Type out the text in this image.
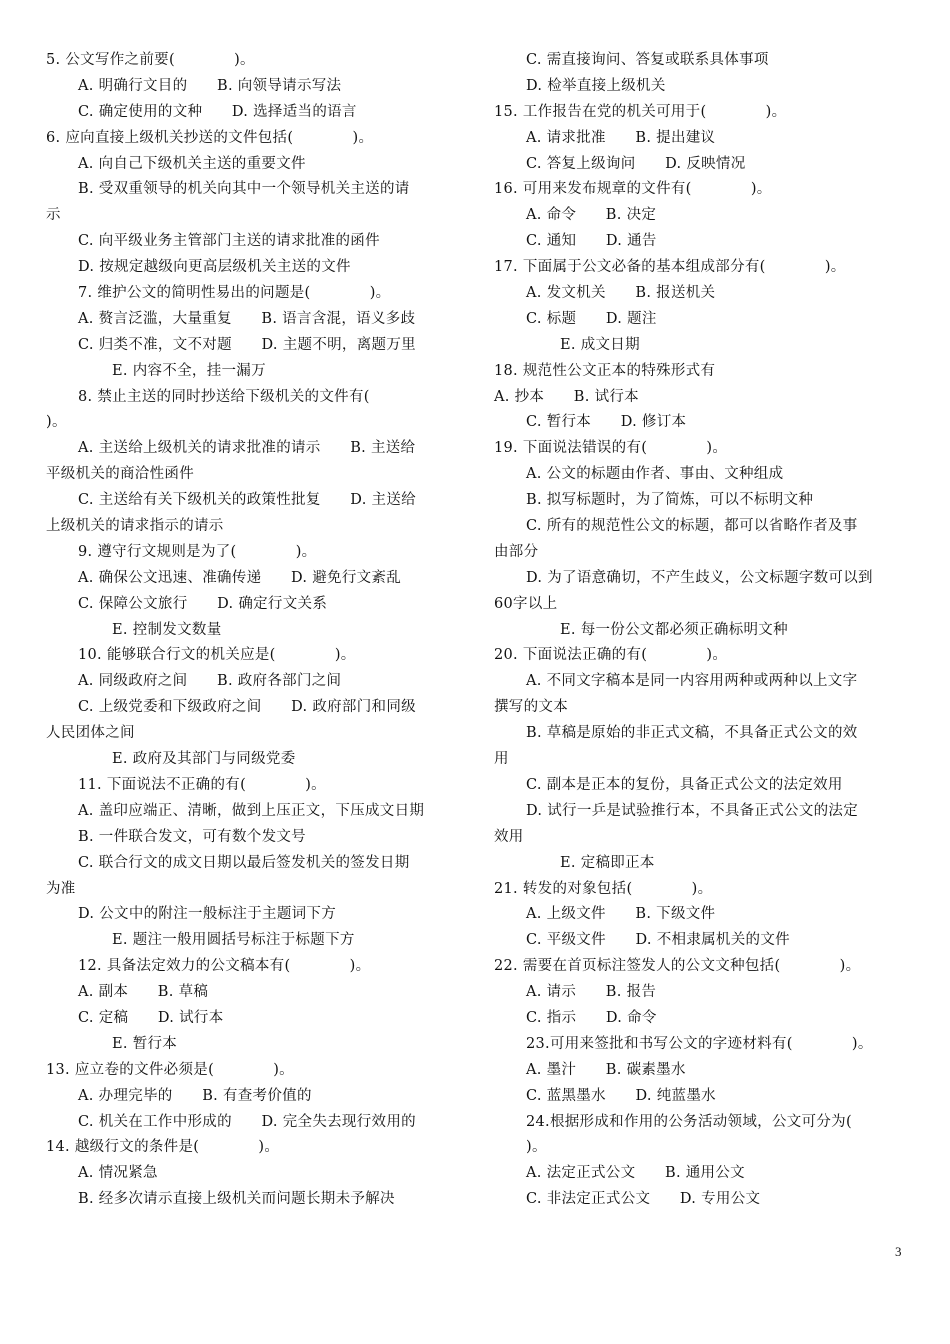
5. 公文写作之前要(　　　　)。
A. 明确行文目的　　B. 向领导请示写法
C. 确定使用的文种　　D. 选择适当的语言
6. 应向直接上级机关抄送的文件包括(　　　　)。
A. 向自己下级机关主送的重要文件
B. 受双重领导的机关向其中一个领导机关主送的请
示
C. 向平级业务主管部门主送的请求批准的函件
D. 按规定越级向更高层级机关主送的文件
7. 维护公文的简明性易出的问题是(　　　　)。
A. 赘言泛滥，大量重复　　B. 语言含混，语义多歧
C. 归类不准，文不对题　　D. 主题不明，离题万里
E. 内容不全，挂一漏万
8. 禁止主送的同时抄送给下级机关的文件有(
)。
A. 主送给上级机关的请求批准的请示　　B. 主送给
平级机关的商洽性函件
C. 主送给有关下级机关的政策性批复　　D. 主送给
上级机关的请求指示的请示
9. 遵守行文规则是为了(　　　　)。
A. 确保公文迅速、准确传递　　D. 避免行文紊乱
C. 保障公文旅行　　D. 确定行文关系
E. 控制发文数量
10. 能够联合行文的机关应是(　　　　)。
A. 同级政府之间　　B. 政府各部门之间
C. 上级党委和下级政府之间　　D. 政府部门和同级
人民团体之间
E. 政府及其部门与同级党委
11. 下面说法不正确的有(　　　　)。
A. 盖印应端正、清晰，做到上压正文，下压成文日期
B. 一件联合发文，可有数个发文号
C. 联合行文的成文日期以最后签发机关的签发日期
为准
D. 公文中的附注一般标注于主题词下方
E. 题注一般用圆括号标注于标题下方
12. 具备法定效力的公文稿本有(　　　　)。
A. 副本　　B. 草稿
C. 定稿　　D. 试行本
E. 暂行本
13. 应立卷的文件必须是(　　　　)。
A. 办理完毕的　　B. 有查考价值的
C. 机关在工作中形成的　　D. 完全失去现行效用的
14. 越级行文的条件是(　　　　)。
A. 情况紧急
B. 经多次请示直接上级机关而问题长期未予解决
C. 需直接询问、答复或联系具体事项
D. 检举直接上级机关
15. 工作报告在党的机关可用于(　　　　)。
A. 请求批准　　B. 提出建议
C. 答复上级询问　　D. 反映情况
16. 可用来发布规章的文件有(　　　　)。
A. 命令　　B. 决定
C. 通知　　D. 通告
17. 下面属于公文必备的基本组成部分有(　　　　)。
A. 发文机关　　B. 报送机关
C. 标题　　D. 题注
E. 成文日期
18. 规范性公文正本的特殊形式有
A. 抄本　　B. 试行本
C. 暂行本　　D. 修订本
19. 下面说法错误的有(　　　　)。
A. 公文的标题由作者、事由、文种组成
B. 拟写标题时，为了简炼，可以不标明文种
C. 所有的规范性公文的标题，都可以省略作者及事
由部分
D. 为了语意确切，不产生歧义，公文标题字数可以到
60字以上
E. 每一份公文都必须正确标明文种
20. 下面说法正确的有(　　　　)。
A. 不同文字稿本是同一内容用两种或两种以上文字
撰写的文本
B. 草稿是原始的非正式文稿，不具备正式公文的效
用
C. 副本是正本的复份，具备正式公文的法定效用
D. 试行一乒是试验推行本，不具备正式公文的法定
效用
E. 定稿即正本
21. 转发的对象包括(　　　　)。
A. 上级文件　　B. 下级文件
C. 平级文件　　D. 不相隶属机关的文件
22. 需要在首页标注签发人的公文文种包括(　　　　)。
A. 请示　　B. 报告
C. 指示　　D. 命令
23.可用来签批和书写公文的字迹材料有(　　　　)。
A. 墨汁　　B. 碳素墨水
C. 蓝黑墨水　　D. 纯蓝墨水
24.根据形成和作用的公务活动领域，公文可分为(
)。
A. 法定正式公文　　B. 通用公文
C. 非法定正式公文　　D. 专用公文
3
